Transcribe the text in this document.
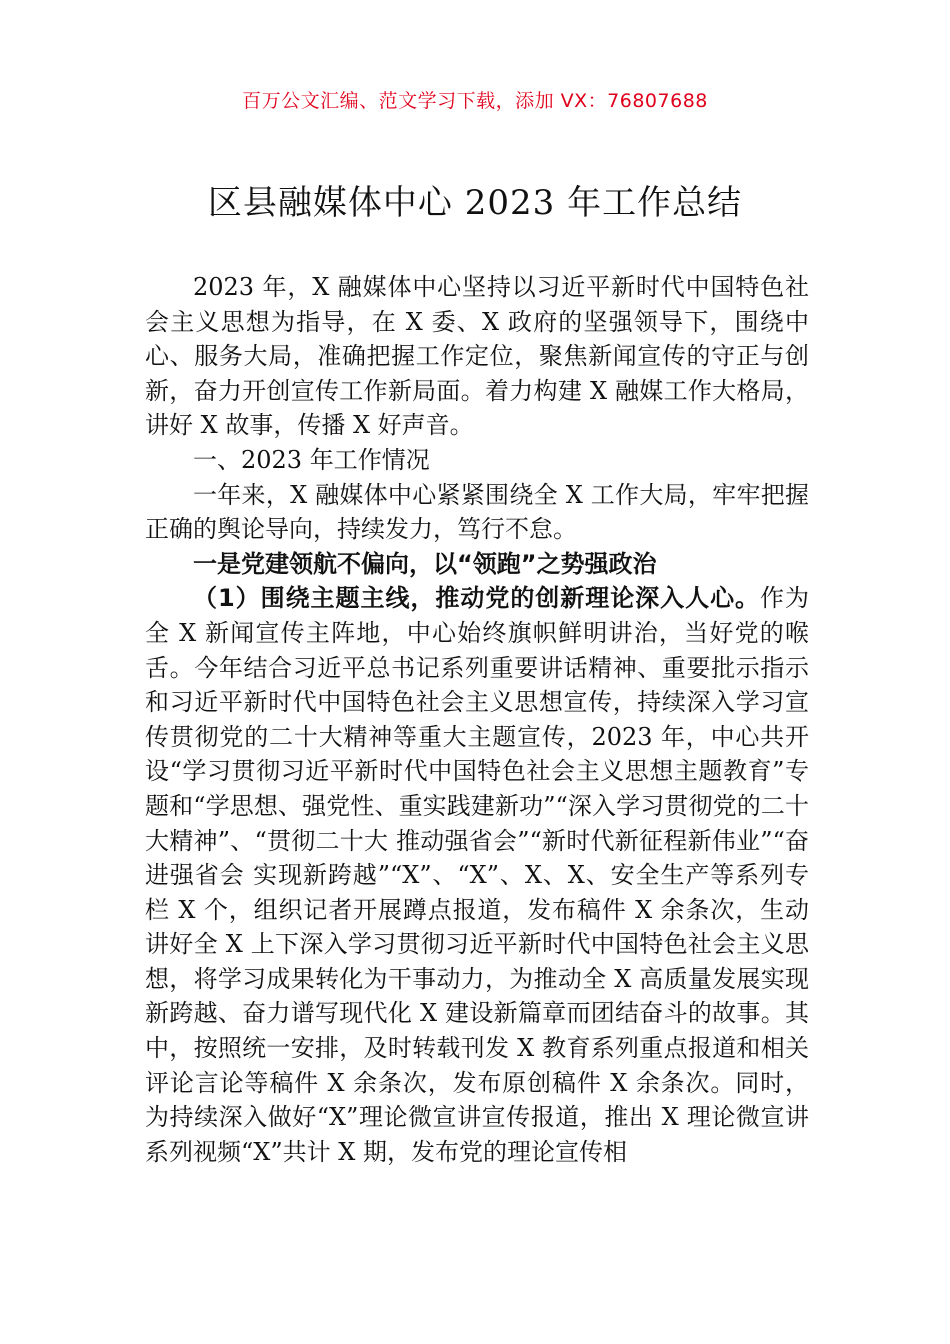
百万公文汇编、范文学习下载，添加 VX：76807688
区县融媒体中心 2023 年工作总结

2023 年，X 融媒体中心坚持以习近平新时代中国特色社会主义思想为指导，在 X 委、X 政府的坚强领导下，围绕中心、服务大局，准确把握工作定位，聚焦新闻宣传的守正与创新，奋力开创宣传工作新局面。着力构建 X 融媒工作大格局，讲好 X 故事，传播 X 好声音。

一、2023 年工作情况

一年来，X 融媒体中心紧紧围绕全 X 工作大局，牢牢把握正确的舆论导向，持续发力，笃行不怠。

一是党建领航不偏向，以“领跑”之势强政治

（1）围绕主题主线，推动党的创新理论深入人心。作为全 X 新闻宣传主阵地，中心始终旗帜鲜明讲治，当好党的喉舌。今年结合习近平总书记系列重要讲话精神、重要批示指示和习近平新时代中国特色社会主义思想宣传，持续深入学习宣传贯彻党的二十大精神等重大主题宣传，2023 年，中心共开设“学习贯彻习近平新时代中国特色社会主义思想主题教育”专题和“学思想、强党性、重实践建新功”“深入学习贯彻党的二十大精神”、“贯彻二十大 推动强省会”“新时代新征程新伟业”“奋进强省会 实现新跨越”“X”、“X”、X、X、安全生产等系列专栏 X 个，组织记者开展蹲点报道，发布稿件 X 余条次，生动讲好全 X 上下深入学习贯彻习近平新时代中国特色社会主义思想，将学习成果转化为干事动力，为推动全 X 高质量发展实现新跨越、奋力谱写现代化 X 建设新篇章而团结奋斗的故事。其中，按照统一安排，及时转载刊发 X 教育系列重点报道和相关评论言论等稿件 X 余条次，发布原创稿件 X 余条次。同时，为持续深入做好“X”理论微宣讲宣传报道，推出 X 理论微宣讲系列视频“X”共计 X 期，发布党的理论宣传相
